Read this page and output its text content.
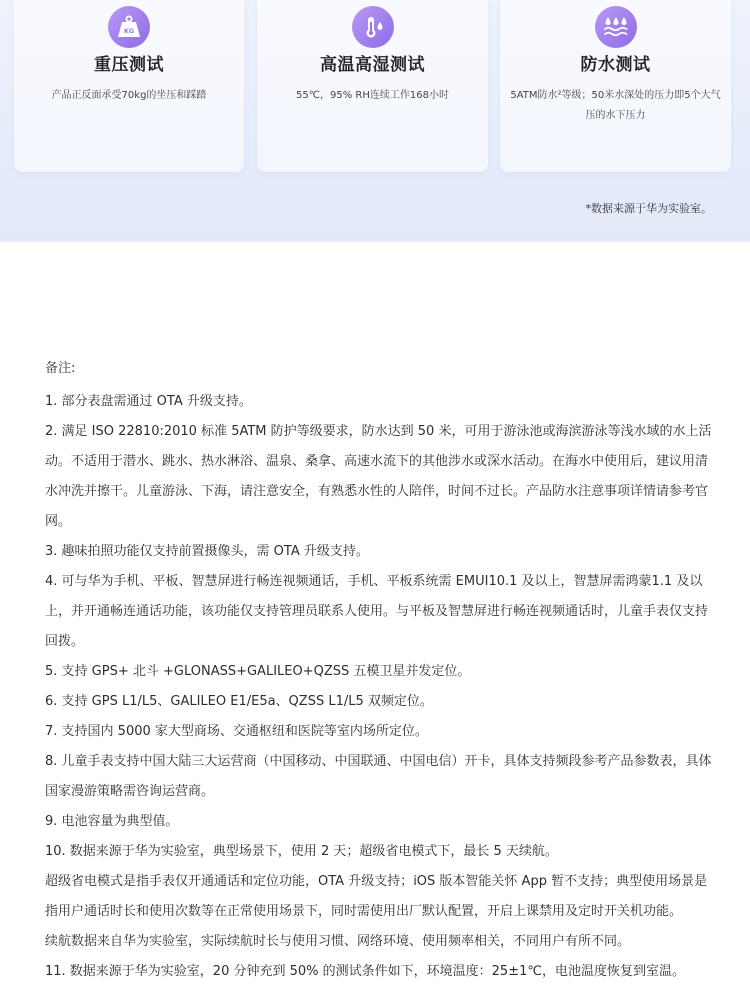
KG
重压测试
产品正反面承受70kg的坐压和踩踏
高温高湿测试
55℃，95% RH连续工作168小时
防水测试
5ATM防水²等级；50米水深处的压力即5个大气压的水下压力
*数据来源于华为实验室。
备注:

1. 部分表盘需通过 OTA 升级支持。

2. 满足 ISO 22810:2010 标准 5ATM 防护等级要求，防水达到 50 米，可用于游泳池或海滨游泳等浅水域的水上活动。不适用于潜水、跳水、热水淋浴、温泉、桑拿、高速水流下的其他涉水或深水活动。在海水中使用后，建议用清水冲洗并擦干。儿童游泳、下海，请注意安全，有熟悉水性的人陪伴，时间不过长。产品防水注意事项详情请参考官网。

3. 趣味拍照功能仅支持前置摄像头，需 OTA 升级支持。

4. 可与华为手机、平板、智慧屏进行畅连视频通话，手机、平板系统需 EMUI10.1 及以上，智慧屏需鸿蒙1.1 及以上，并开通畅连通话功能，该功能仅支持管理员联系人使用。与平板及智慧屏进行畅连视频通话时，儿童手表仅支持回拨。

5. 支持 GPS+ 北斗 +GLONASS+GALILEO+QZSS 五模卫星并发定位。

6. 支持 GPS L1/L5、GALILEO E1/E5a、QZSS L1/L5 双频定位。

7. 支持国内 5000 家大型商场、交通枢纽和医院等室内场所定位。

8. 儿童手表支持中国大陆三大运营商（中国移动、中国联通、中国电信）开卡，具体支持频段参考产品参数表，具体国家漫游策略需咨询运营商。

9. 电池容量为典型值。

10. 数据来源于华为实验室，典型场景下，使用 2 天；超级省电模式下，最长 5 天续航。

超级省电模式是指手表仅开通通话和定位功能，OTA 升级支持；iOS 版本智能关怀 App 暂不支持；典型使用场景是指用户通话时长和使用次数等在正常使用场景下，同时需使用出厂默认配置，开启上课禁用及定时开关机功能。

续航数据来自华为实验室，实际续航时长与使用习惯、网络环境、使用频率相关，不同用户有所不同。

11. 数据来源于华为实验室，20 分钟充到 50% 的测试条件如下，环境温度：25±1℃，电池温度恢复到室温。
